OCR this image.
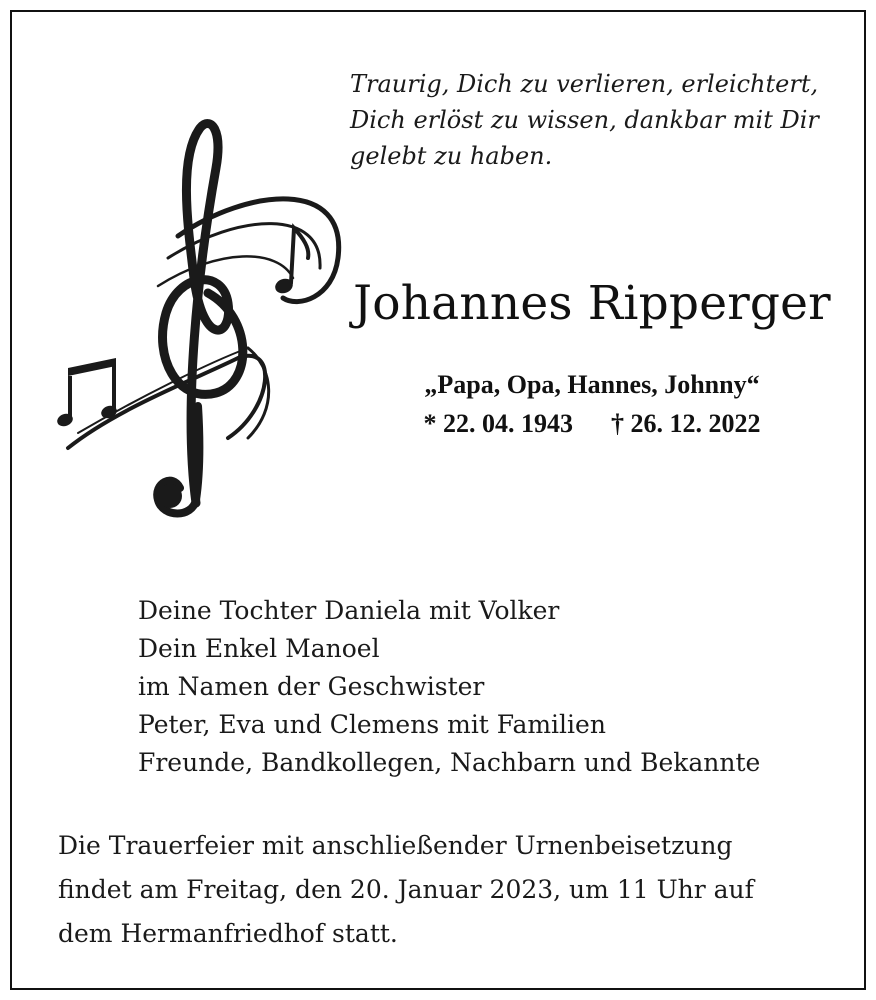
Traurig, Dich zu verlieren, erleichtert,
Dich erlöst zu wissen, dankbar mit Dir
gelebt zu haben.

Johannes Ripperger
„Papa, Opa, Hannes, Johnny“
* 22. 04. 1943 † 26. 12. 2022
Deine Tochter Daniela mit Volker
Dein Enkel Manoel
im Namen der Geschwister
Peter, Eva und Clemens mit Familien
Freunde, Bandkollegen, Nachbarn und Bekannte

Die Trauerfeier mit anschließender Urnenbeisetzung
findet am Freitag, den 20. Januar 2023, um 11 Uhr auf
dem Hermanfriedhof statt.
